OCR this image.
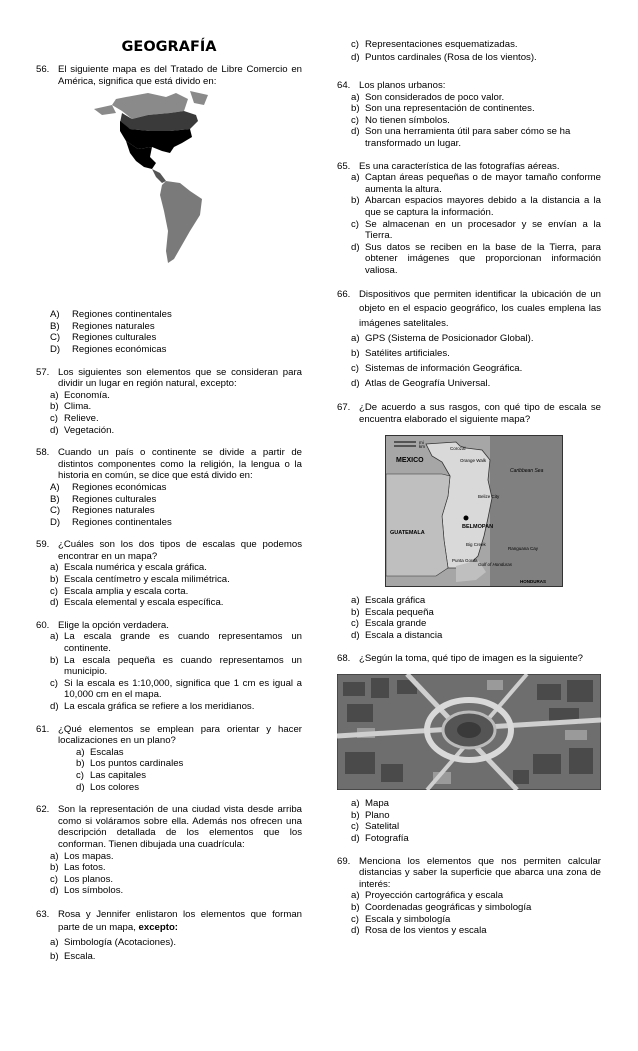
GEOGRAFÍA
56. El siguiente mapa es del Tratado de Libre Comercio en América, significa que está divido en:
A)	Regiones continentales
B)	Regiones naturales
C)	Regiones culturales
D)	Regiones económicas
57. Los siguientes son elementos que se consideran para dividir un lugar en región natural, excepto:
a) Economía.
b) Clima.
c) Relieve.
d) Vegetación.
58. Cuando un país o continente se divide a partir de distintos componentes como la religión, la lengua o la historia en común, se dice que está divido en:
A)	Regiones económicas
B)	Regiones culturales
C)	Regiones naturales
D)	Regiones continentales
59. ¿Cuáles son los dos tipos de escalas que podemos encontrar en un mapa?
a) Escala numérica y escala gráfica.
b) Escala centímetro y escala milimétrica.
c) Escala amplia y escala corta.
d) Escala elemental y escala específica.
60. Elige la opción verdadera.
a) La escala grande es cuando representamos un continente.
b) La escala pequeña es cuando representamos un municipio.
c) Si la escala es 1:10,000, significa que 1 cm es igual a 10,000 cm en el mapa.
d) La escala gráfica se refiere a los meridianos.
61. ¿Qué elementos se emplean para orientar y hacer localizaciones en un plano?
a) Escalas
b) Los puntos cardinales
c) Las capitales
d) Los colores
62. Son la representación de una ciudad vista desde arriba como si voláramos sobre ella. Además nos ofrecen una descripción detallada de los elementos que los conforman. Tienen dibujada una cuadrícula:
a) Los mapas.
b) Las fotos.
c) Los planos.
d) Los símbolos.
63. Rosa y Jennifer enlistaron los elementos que forman parte de un mapa, excepto:
a) Simbología (Acotaciones).
b) Escala.
c) Representaciones esquematizadas.
d) Puntos cardinales (Rosa de los vientos).
64. Los planos urbanos:
a) Son considerados de poco valor.
b) Son una representación de continentes.
c) No tienen símbolos.
d) Son una herramienta útil para saber cómo se ha transformado un lugar.
65. Es una característica de las fotografías aéreas.
a) Captan áreas pequeñas o de mayor tamaño conforme aumenta la altura.
b) Abarcan espacios mayores debido a la distancia a la que se captura la información.
c) Se almacenan en un procesador y se envían a la Tierra.
d) Sus datos se reciben en la base de la Tierra, para obtener imágenes que proporcionan información valiosa.
66. Dispositivos que permiten identificar la ubicación de un objeto en el espacio geográfico, los cuales emplena las imágenes satelitales.
a) GPS (Sistema de Posicionador Global).
b) Satélites artificiales.
c) Sistemas de información Geográfica.
d) Atlas de Geografía Universal.
67. ¿De acuerdo a sus rasgos, con qué tipo de escala se encuentra elaborado el siguiente mapa?
mi
km
MEXICO
Corozal
Orange Walk
Caribbean Sea
Belize City
BELMOPAN
GUATEMALA
Big Creek
Punta Gorda
Gulf of Honduras
Ranguana Cay
HONDURAS
a) Escala gráfica
b) Escala pequeña
c) Escala grande
d) Escala a distancia
68. ¿Según la toma, qué tipo de imagen es la siguiente?
a) Mapa
b) Plano
c) Satelital
d) Fotografía
69. Menciona los elementos que nos permiten calcular distancias y saber la superficie que abarca una zona de interés:
a) Proyección cartográfica y escala
b) Coordenadas geográficas y simbología
c) Escala y simbología
d) Rosa de los vientos y escala
